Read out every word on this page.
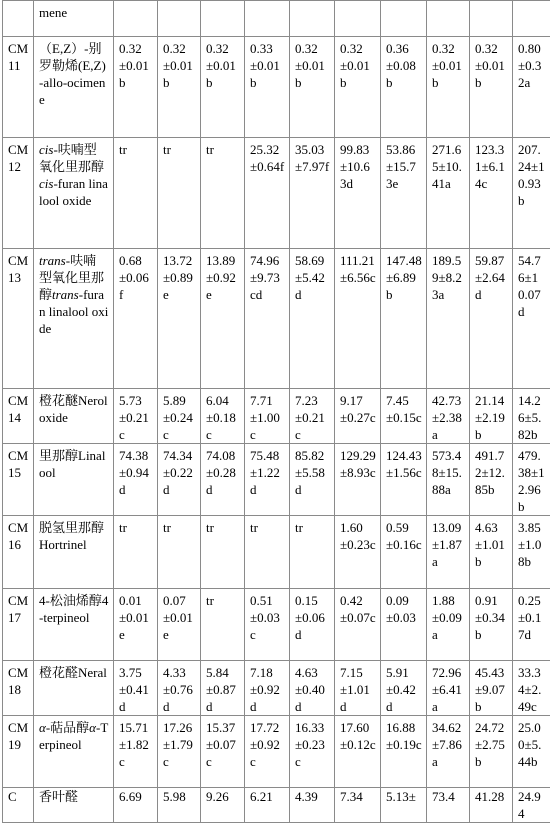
	mene										
CM11	（E,Z）-别罗勒烯(E,Z)-allo-ocimene	0.32±0.01b	0.32±0.01b	0.32±0.01b	0.33±0.01b	0.32±0.01b	0.32±0.01b	0.36±0.08b	0.32±0.01b	0.32±0.01b	0.80±0.32a
CM12	cis-呋喃型氧化里那醇cis-furan linalool oxide	tr	tr	tr	25.32±0.64f	35.03±7.97f	99.83±10.63d	53.86±15.73e	271.65±10.41a	123.31±6.14c	207.24±10.93b
CM13	trans-呋喃型氧化里那醇trans-furan linalool oxide	0.68±0.06f	13.72±0.89e	13.89±0.92e	74.96±9.73cd	58.69±5.42d	111.21±6.56c	147.48±6.89b	189.59±8.23a	59.87±2.64d	54.76±10.07d
CM14	橙花醚Nerol oxide	5.73±0.21c	5.89±0.24c	6.04±0.18c	7.71±1.00c	7.23±0.21c	9.17±0.27c	7.45±0.15c	42.73±2.38a	21.14±2.19b	14.26±5.82b
CM15	里那醇Linalool	74.38±0.94d	74.34±0.22d	74.08±0.28d	75.48±1.22d	85.82±5.58d	129.29±8.93c	124.43±1.56c	573.48±15.88a	491.72±12.85b	479.38±12.96b
CM16	脱氢里那醇Hortrinel	tr	tr	tr	tr	tr	1.60±0.23c	0.59±0.16c	13.09±1.87a	4.63±1.01b	3.85±1.08b
CM17	4-松油烯醇4-terpineol	0.01±0.01e	0.07±0.01e	tr	0.51±0.03c	0.15±0.06d	0.42±0.07c	0.09±0.03	1.88±0.09a	0.91±0.34b	0.25±0.17d
CM18	橙花醛Neral	3.75±0.41d	4.33±0.76d	5.84±0.87d	7.18±0.92d	4.63±0.40d	7.15±1.01d	5.91±0.42d	72.96±6.41a	45.43±9.07b	33.34±2.49c
CM19	α-萜品醇α-Terpineol	15.71±1.82c	17.26±1.79c	15.37±0.07c	17.72±0.92c	16.33±0.23c	17.60±0.12c	16.88±0.19c	34.62±7.86a	24.72±2.75b	25.00±5.44b
C	香叶醛	6.69	5.98	9.26	6.21	4.39	7.34	5.13±	73.4	41.28	24.94
